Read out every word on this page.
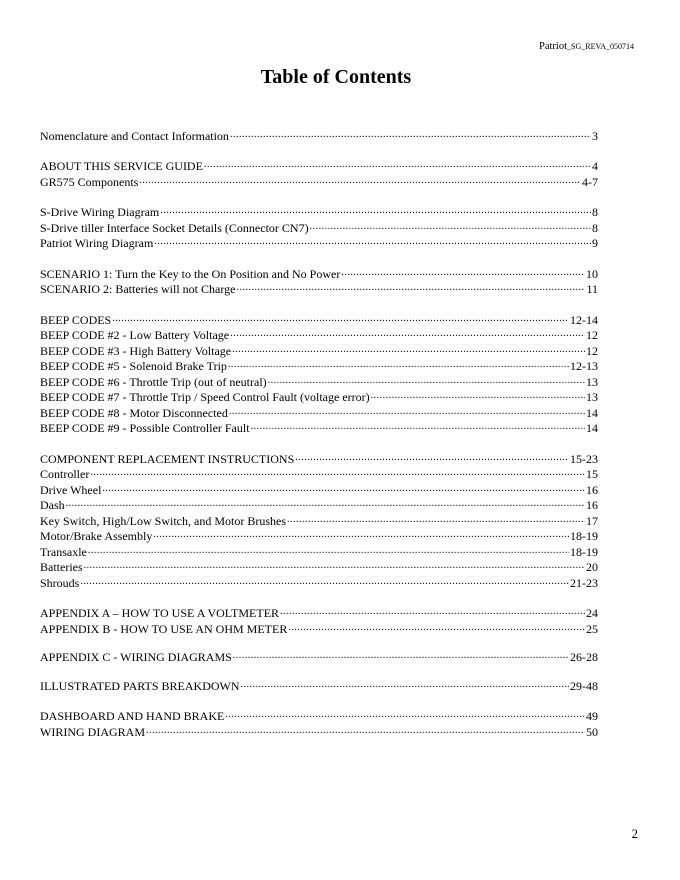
Patriot_SG_REVA_050714
Table of Contents
Nomenclature and Contact Information .....	3
ABOUT THIS SERVICE GUIDE .....	4
GR575 Components .....	4-7
S-Drive Wiring Diagram .....	8
S-Drive tiller Interface Socket Details (Connector CN7) .....	8
Patriot Wiring Diagram .....	9
SCENARIO 1: Turn the Key to the On Position and No Power .....	10
SCENARIO 2: Batteries will not Charge .....	11
BEEP CODES .....	12-14
BEEP CODE #2 - Low Battery Voltage .....	12
BEEP CODE #3 - High Battery Voltage .....	12
BEEP CODE #5 - Solenoid Brake Trip .....	12-13
BEEP CODE #6 - Throttle Trip (out of neutral) .....	13
BEEP CODE #7 - Throttle Trip / Speed Control Fault (voltage error) .....	13
BEEP CODE #8 - Motor Disconnected .....	14
BEEP CODE #9 - Possible Controller Fault .....	14
COMPONENT REPLACEMENT INSTRUCTIONS .....	15-23
Controller .....	15
Drive Wheel .....	16
Dash .....	16
Key Switch, High/Low Switch, and Motor Brushes .....	17
Motor/Brake Assembly .....	18-19
Transaxle .....	18-19
Batteries .....	20
Shrouds .....	21-23
APPENDIX A – HOW TO USE A VOLTMETER .....	24
APPENDIX B - HOW TO USE AN OHM METER .....	25
APPENDIX C - WIRING DIAGRAMS .....	26-28
ILLUSTRATED PARTS BREAKDOWN .....	29-48
DASHBOARD AND HAND BRAKE .....	49
WIRING DIAGRAM .....	50
2
